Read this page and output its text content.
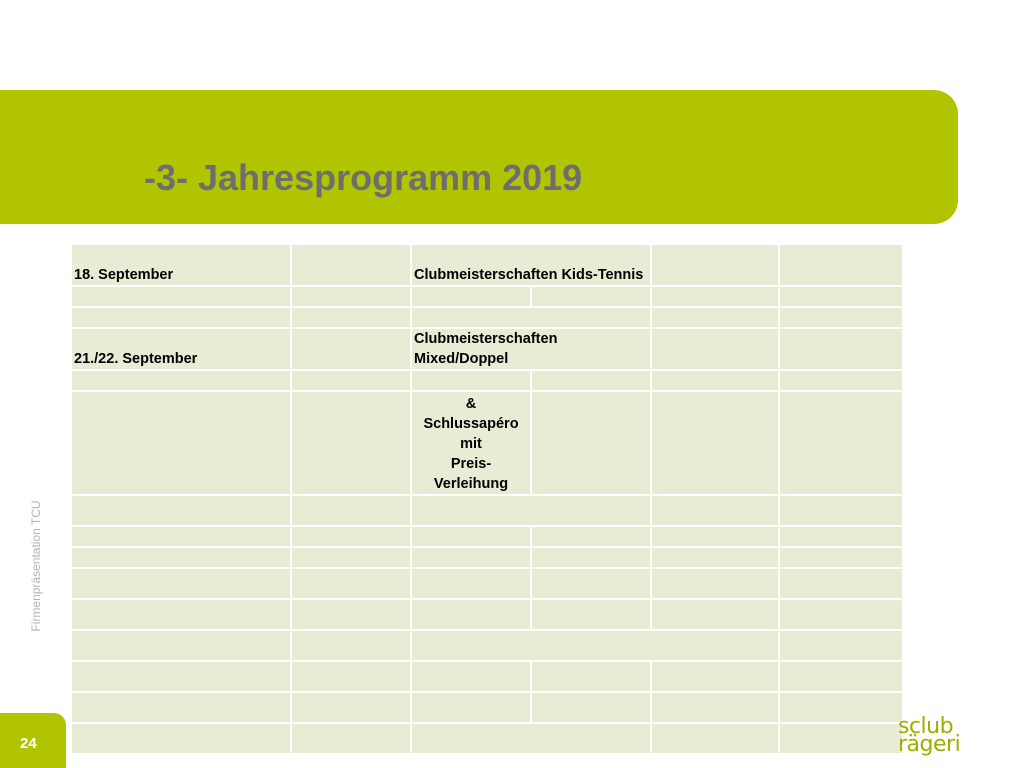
-3- Jahresprogramm 2019
Firmenpräsentation TCU
18. September		Clubmeisterschaften Kids-Tennis			

21./22. September		Clubmeisterschaften Mixed/Doppel			

		&
Schlussapéro
mit
Preis-
Verleihung			

24
sclub
rägeri
